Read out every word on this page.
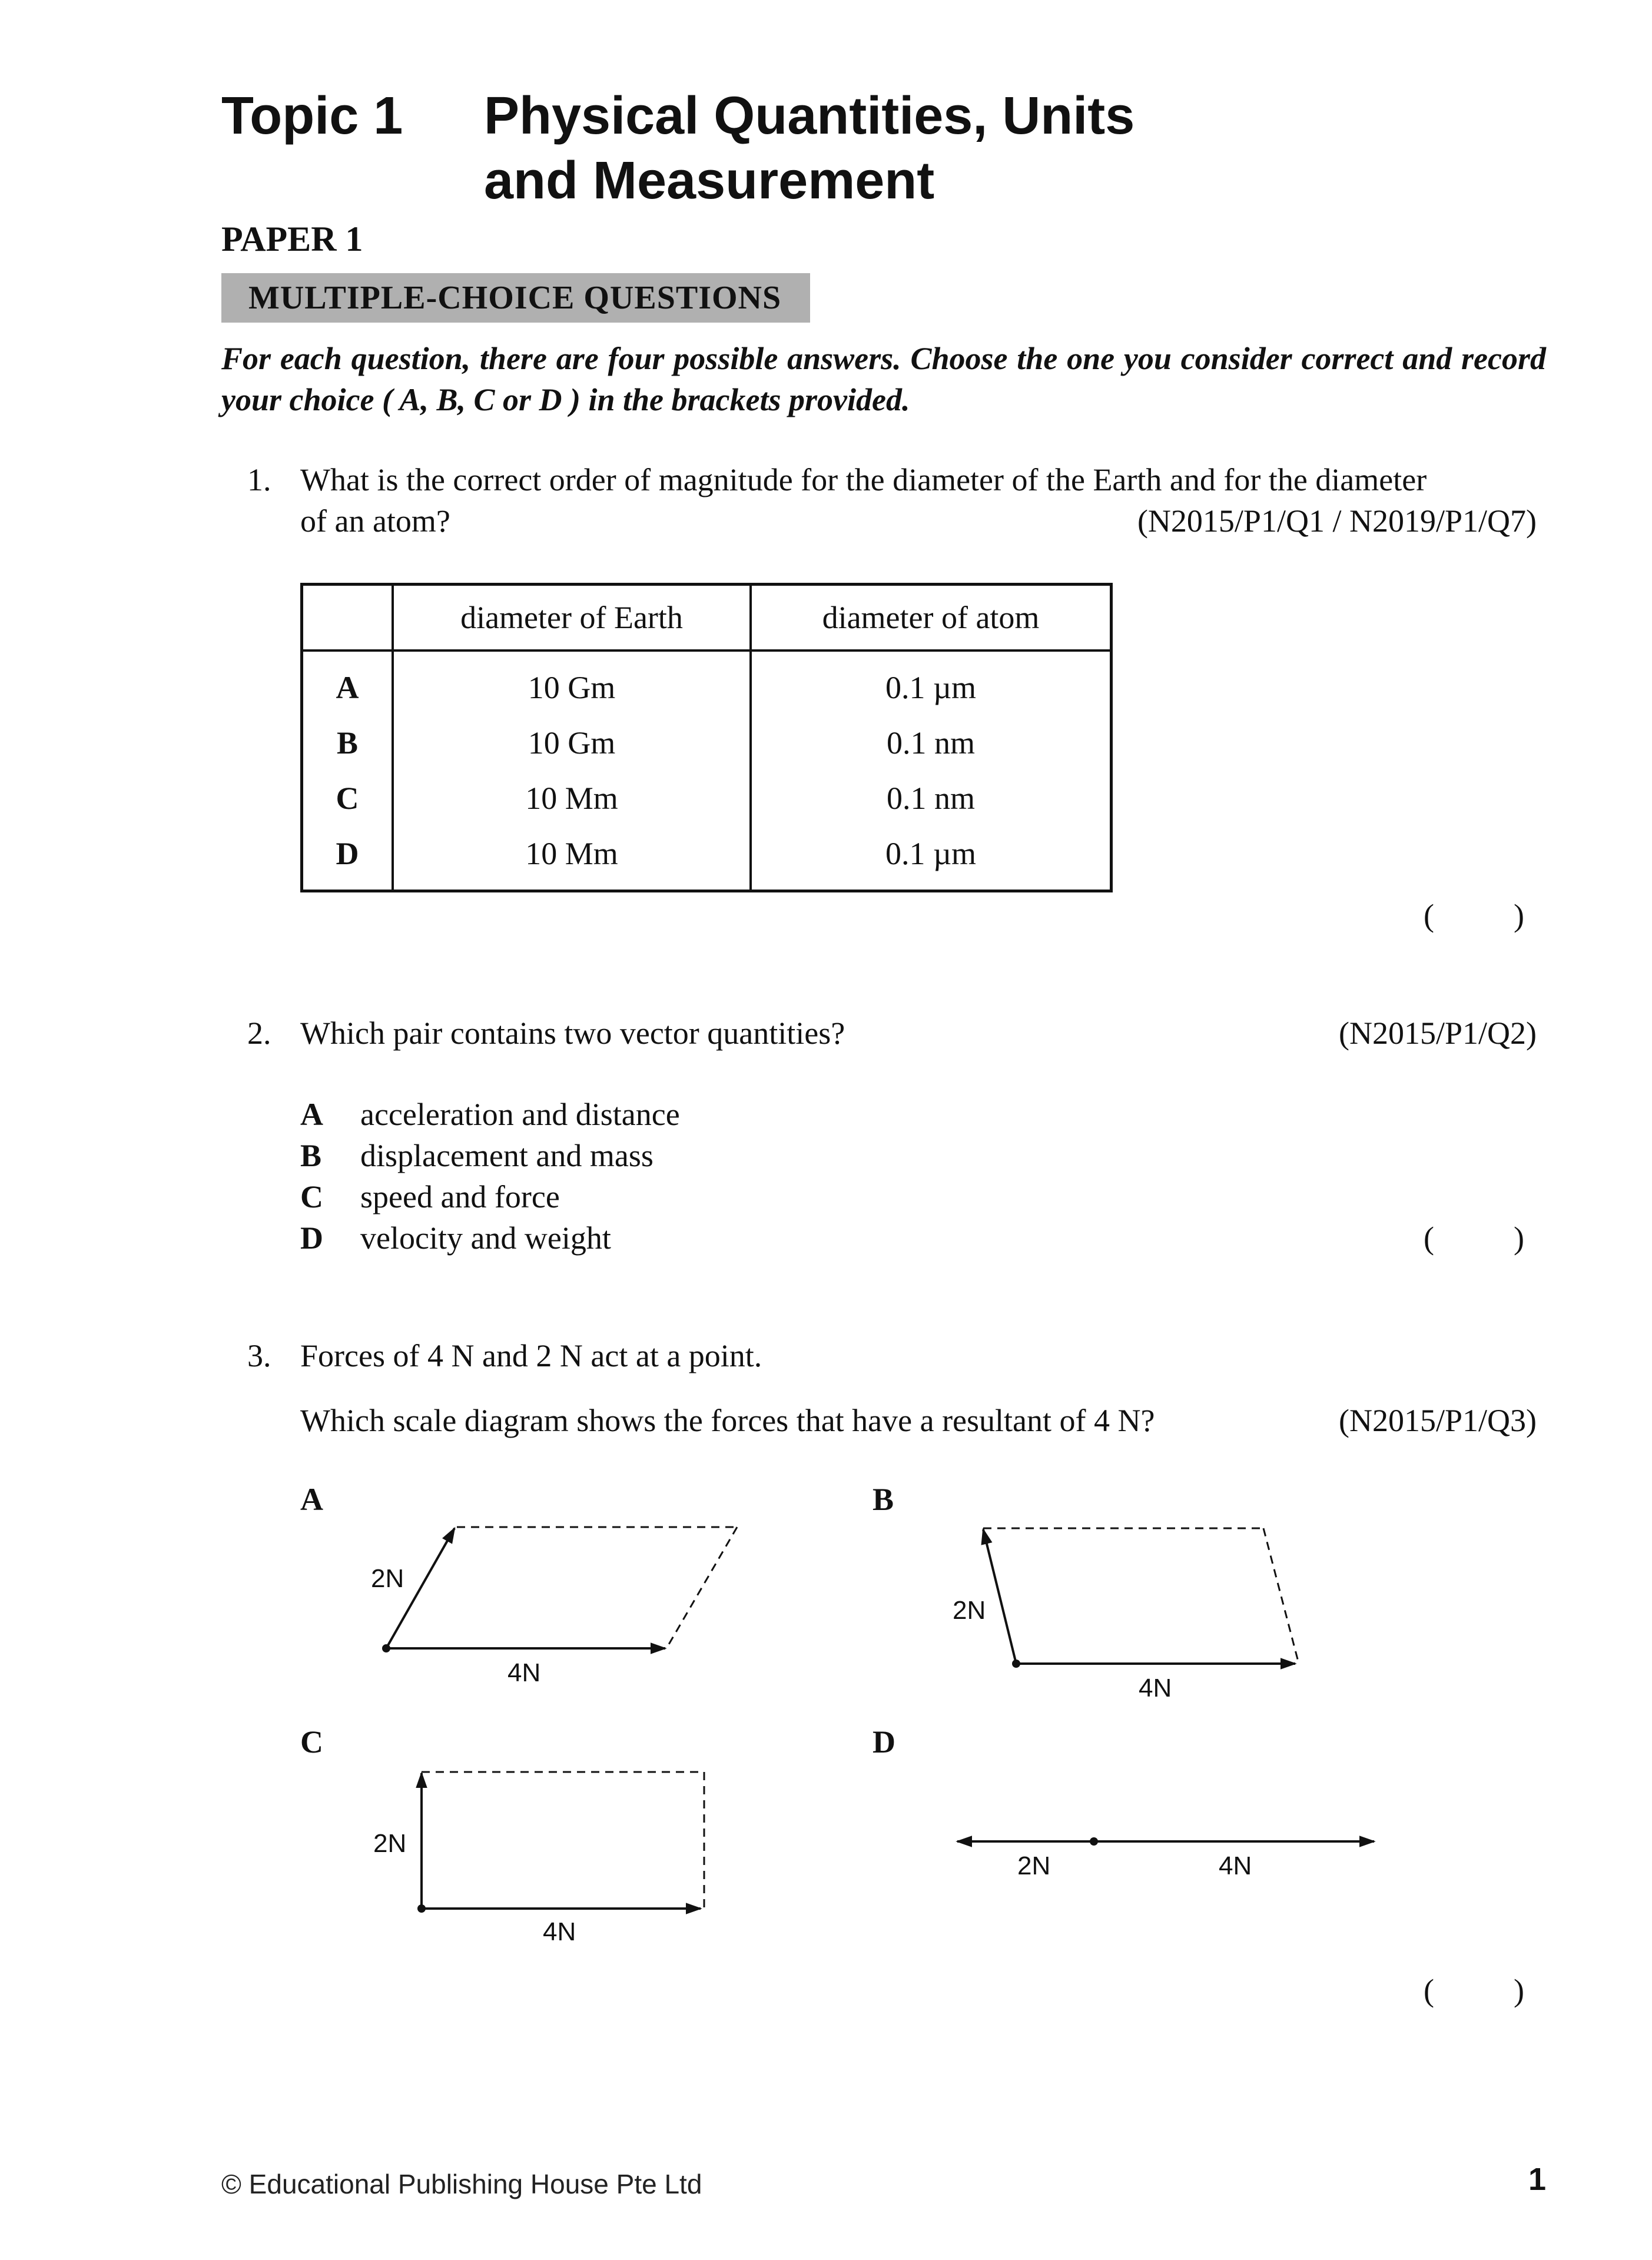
Topic 1 Physical Quantities, Units
and Measurement
PAPER 1
MULTIPLE-CHOICE QUESTIONS
For each question, there are four possible answers. Choose the one you consider correct and record your choice ( A, B, C or D ) in the brackets provided.
1. What is the correct order of magnitude for the diameter of the Earth and for the diameter
of an atom?	(N2015/P1/Q1 / N2019/P1/Q7)
	diameter of Earth	diameter of atom
A	10 Gm	0.1 µm
B	10 Gm	0.1 nm
C	10 Mm	0.1 nm
D	10 Mm	0.1 µm
(          )
2. Which pair contains two vector quantities?	(N2015/P1/Q2)
A acceleration and distance
B displacement and mass
C speed and force
D velocity and weight	(          )
3. Forces of 4 N and 2 N act at a point.
Which scale diagram shows the forces that have a resultant of 4 N?	(N2015/P1/Q3)
A	B
C	D
2N
4N
2N
4N
2N
4N
2N	4N
(          )
© Educational Publishing House Pte Ltd	1
